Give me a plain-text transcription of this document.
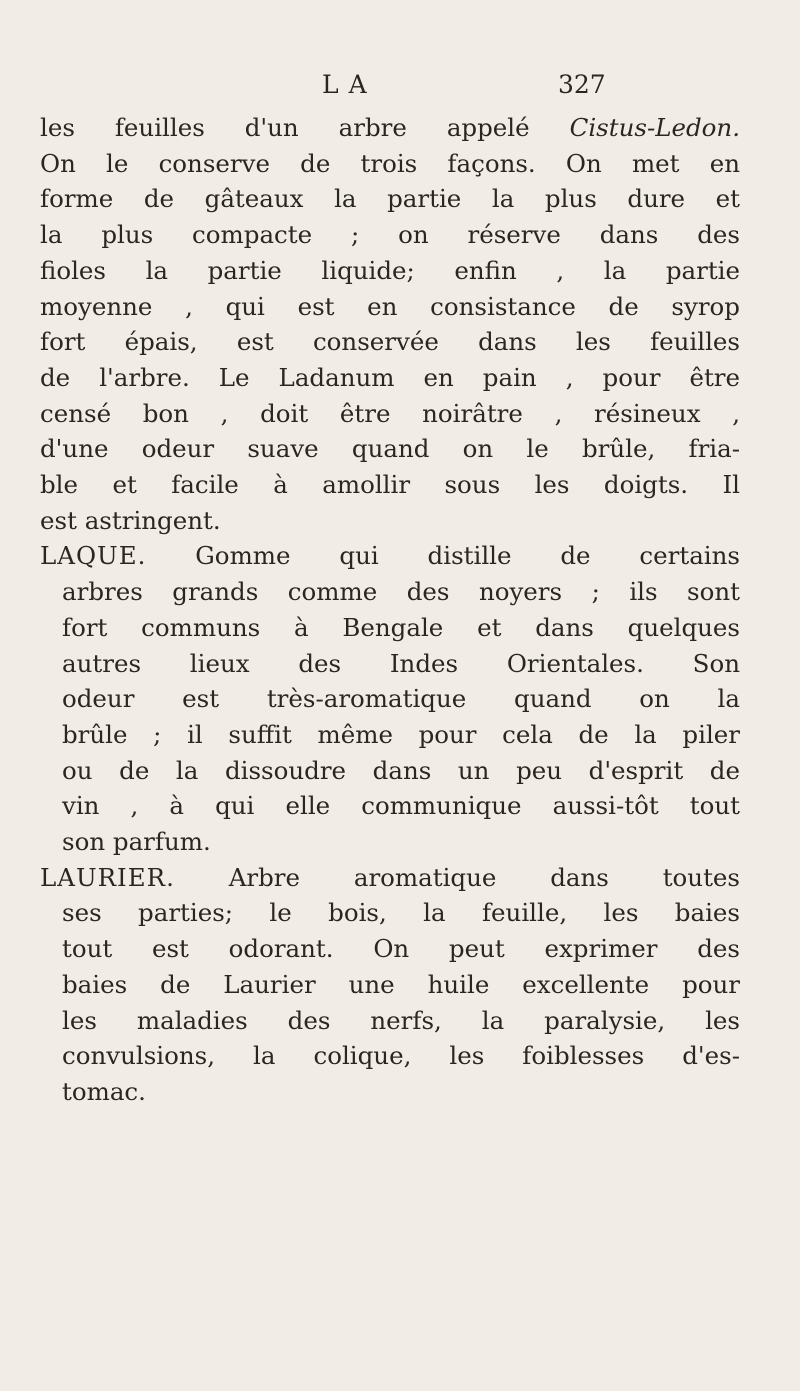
LA	327
les feuilles d'un arbre appelé Cistus-Ledon.
On le conserve de trois façons. On met en
forme de gâteaux la partie la plus dure et
la plus compacte ; on réserve dans des
fioles la partie liquide; enfin , la partie
moyenne , qui est en consistance de syrop
fort épais, est conservée dans les feuilles
de l'arbre. Le Ladanum en pain , pour être
censé bon , doit être noirâtre , résineux ,
d'une odeur suave quand on le brûle, fria-
ble et facile à amollir sous les doigts. Il
est astringent.
LAQUE. Gomme qui distille de certains
arbres grands comme des noyers ; ils sont
fort communs à Bengale et dans quelques
autres lieux des Indes Orientales. Son
odeur est très-aromatique quand on la
brûle ; il suffit même pour cela de la piler
ou de la dissoudre dans un peu d'esprit de
vin , à qui elle communique aussi-tôt tout
son parfum.
LAURIER. Arbre aromatique dans toutes
ses parties; le bois, la feuille, les baies
tout est odorant. On peut exprimer des
baies de Laurier une huile excellente pour
les maladies des nerfs, la paralysie, les
convulsions, la colique, les foiblesses d'es-
tomac.
